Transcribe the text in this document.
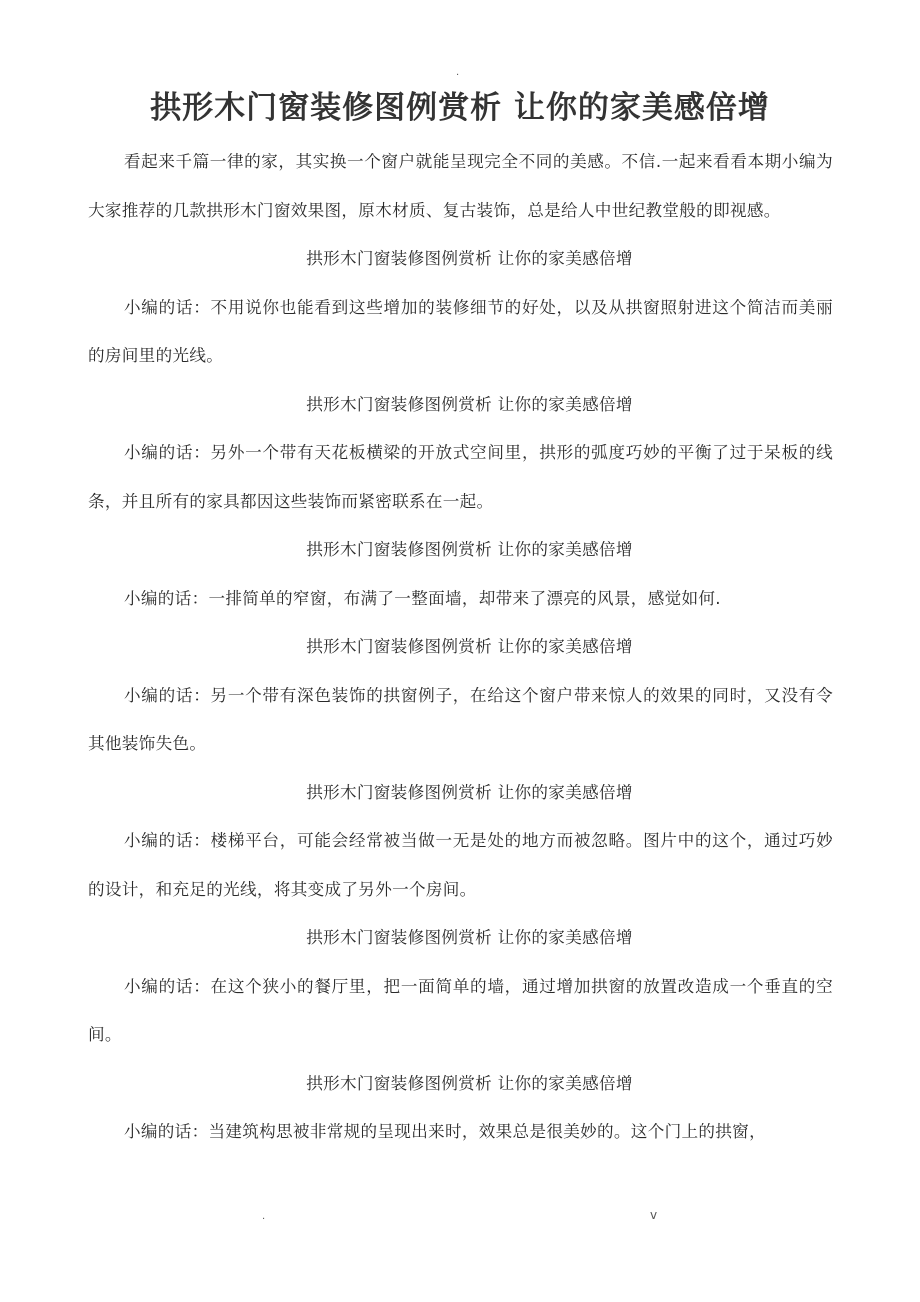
.
拱形木门窗装修图例赏析 让你的家美感倍增

看起来千篇一律的家，其实换一个窗户就能呈现完全不同的美感。不信.一起来看看本期小编为大家推荐的几款拱形木门窗效果图，原木材质、复古装饰，总是给人中世纪教堂般的即视感。

拱形木门窗装修图例赏析 让你的家美感倍增

小编的话：不用说你也能看到这些增加的装修细节的好处，以及从拱窗照射进这个简洁而美丽的房间里的光线。

拱形木门窗装修图例赏析 让你的家美感倍增

小编的话：另外一个带有天花板横梁的开放式空间里，拱形的弧度巧妙的平衡了过于呆板的线条，并且所有的家具都因这些装饰而紧密联系在一起。

拱形木门窗装修图例赏析 让你的家美感倍增

小编的话：一排简单的窄窗，布满了一整面墙，却带来了漂亮的风景，感觉如何.

拱形木门窗装修图例赏析 让你的家美感倍增

小编的话：另一个带有深色装饰的拱窗例子，在给这个窗户带来惊人的效果的同时，又没有令其他装饰失色。

拱形木门窗装修图例赏析 让你的家美感倍增

小编的话：楼梯平台，可能会经常被当做一无是处的地方而被忽略。图片中的这个，通过巧妙的设计，和充足的光线，将其变成了另外一个房间。

拱形木门窗装修图例赏析 让你的家美感倍增

小编的话：在这个狭小的餐厅里，把一面简单的墙，通过增加拱窗的放置改造成一个垂直的空间。

拱形木门窗装修图例赏析 让你的家美感倍增

小编的话：当建筑构思被非常规的呈现出来时，效果总是很美妙的。这个门上的拱窗，

.	v
